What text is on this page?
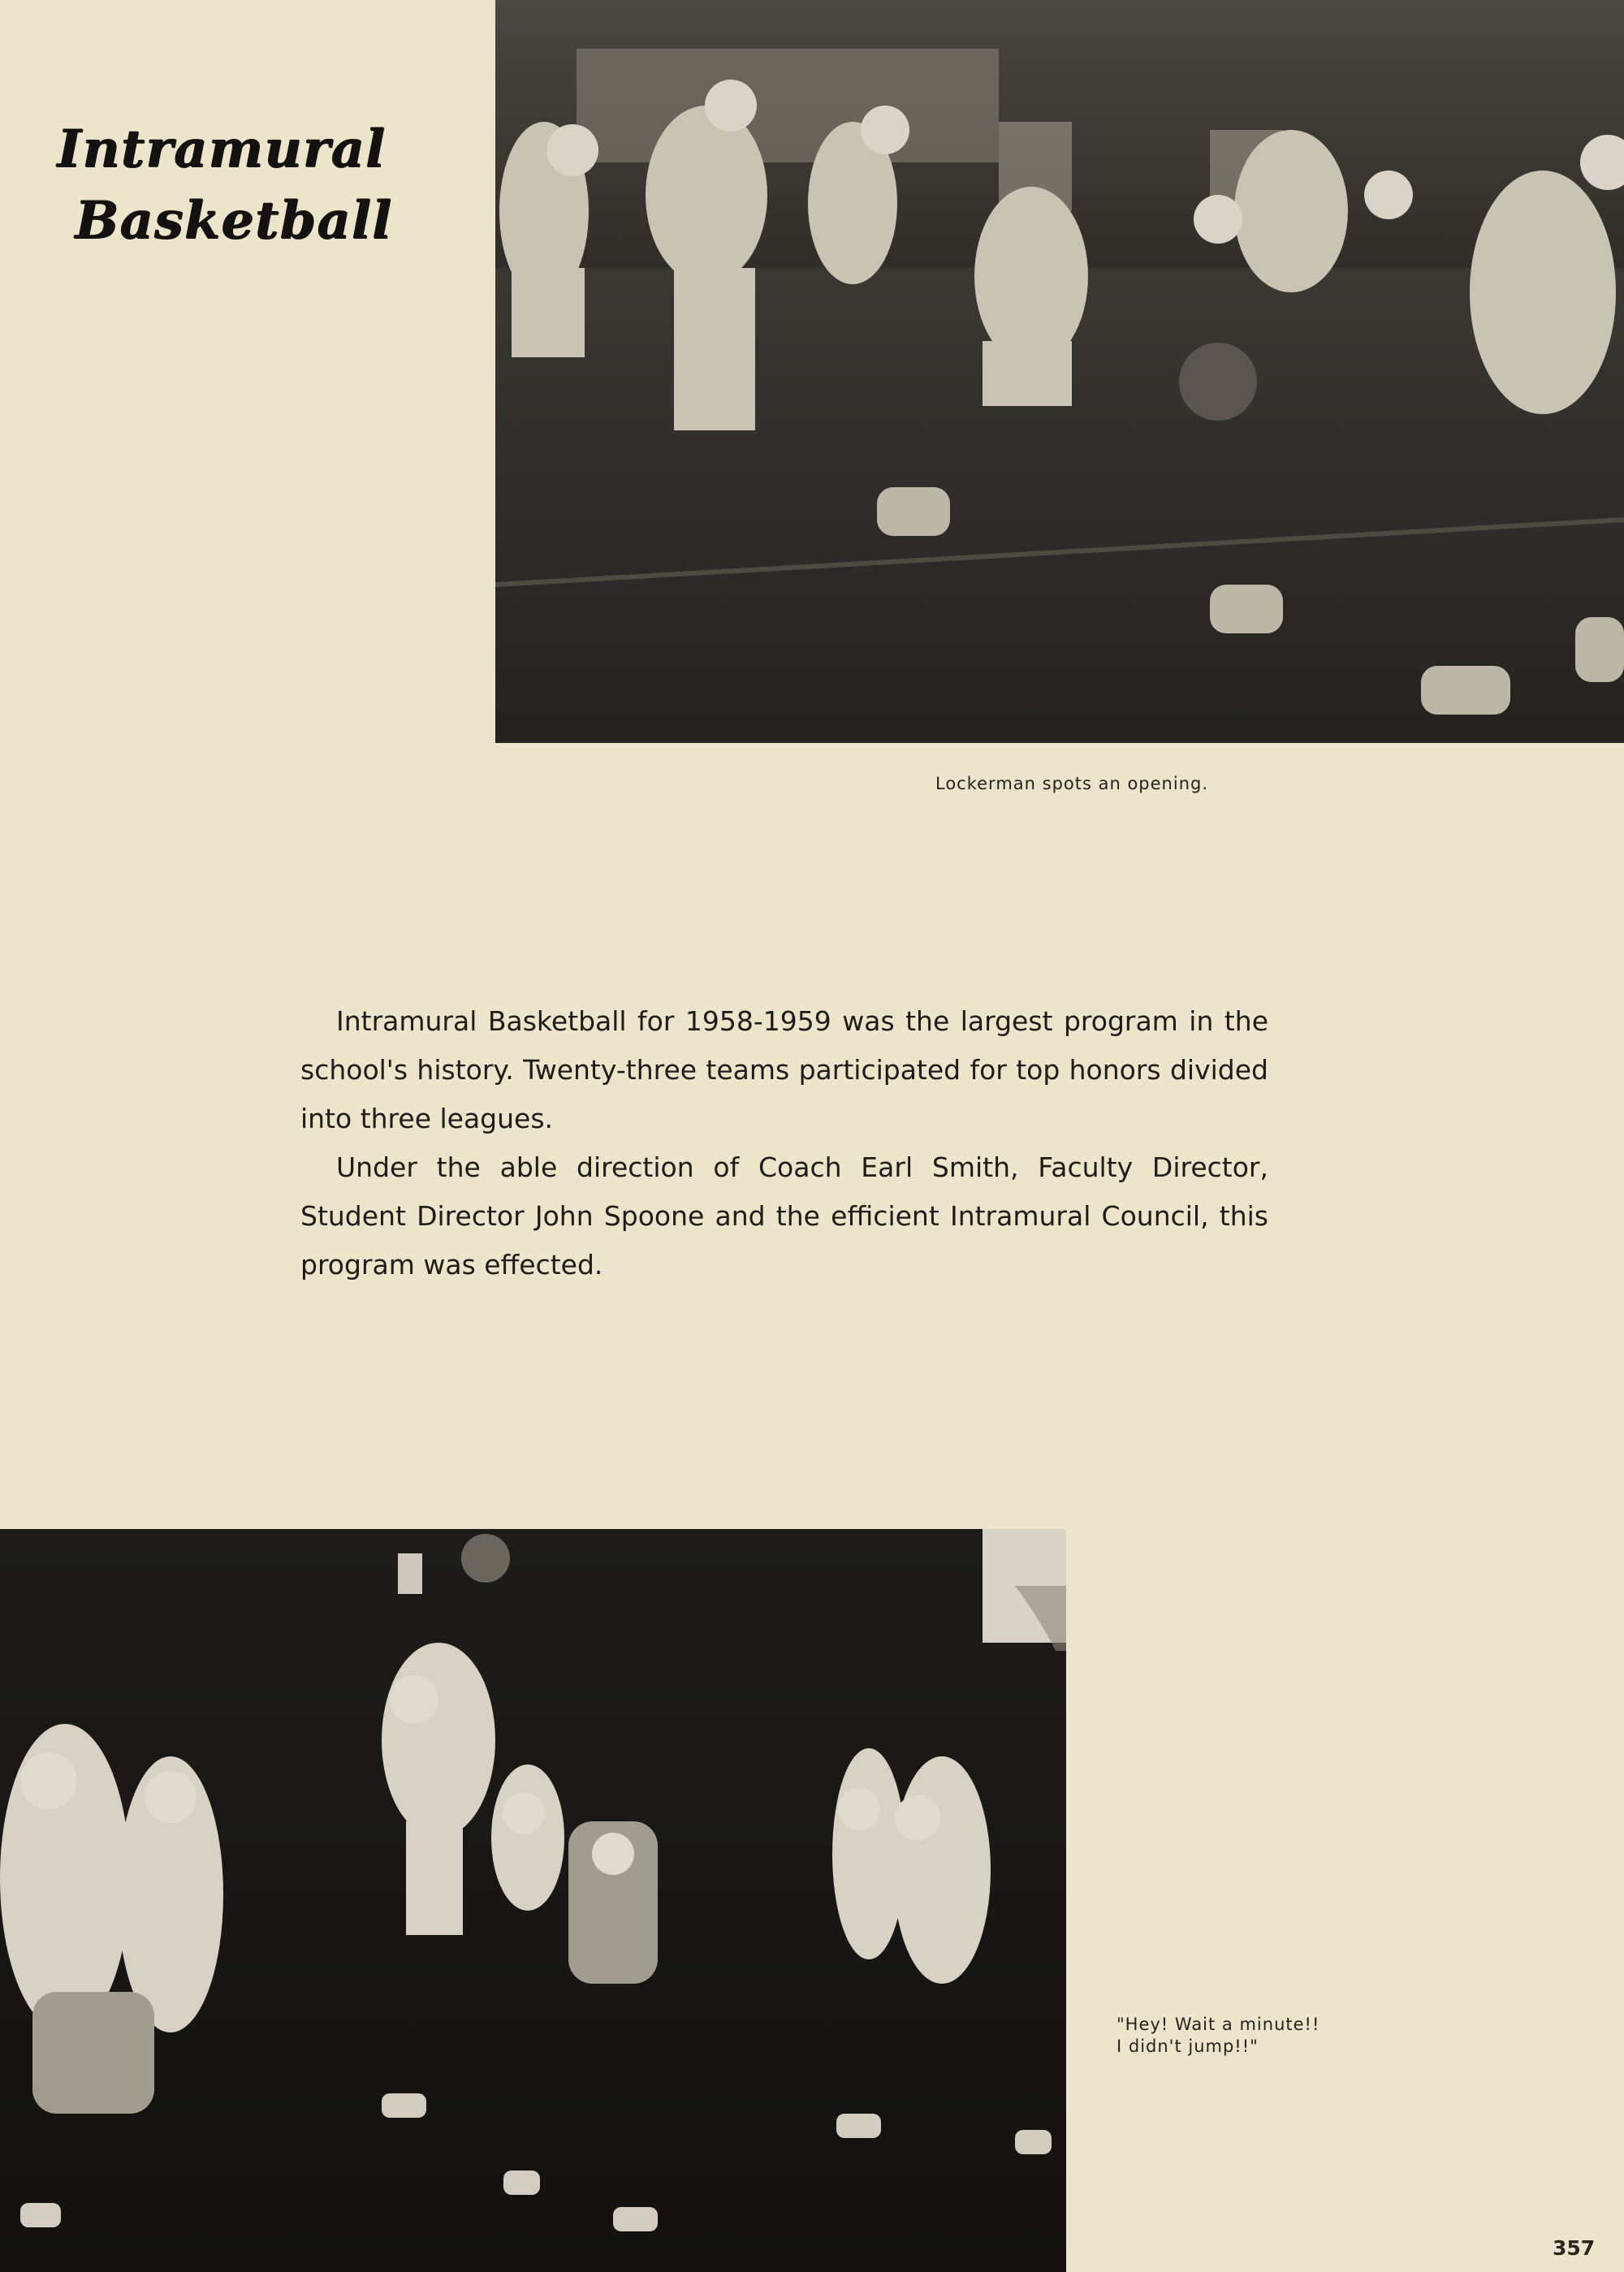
Intramural
Basketball
Lockerman spots an opening.

Intramural Basketball for 1958-1959 was the largest program in the school's history. Twenty-three teams participated for top honors divided into three leagues.

Under the able direction of Coach Earl Smith, Faculty Director, Student Director John Spoone and the efficient Intramural Council, this program was effected.

"Hey! Wait a minute!!
I didn't jump!!"
357
